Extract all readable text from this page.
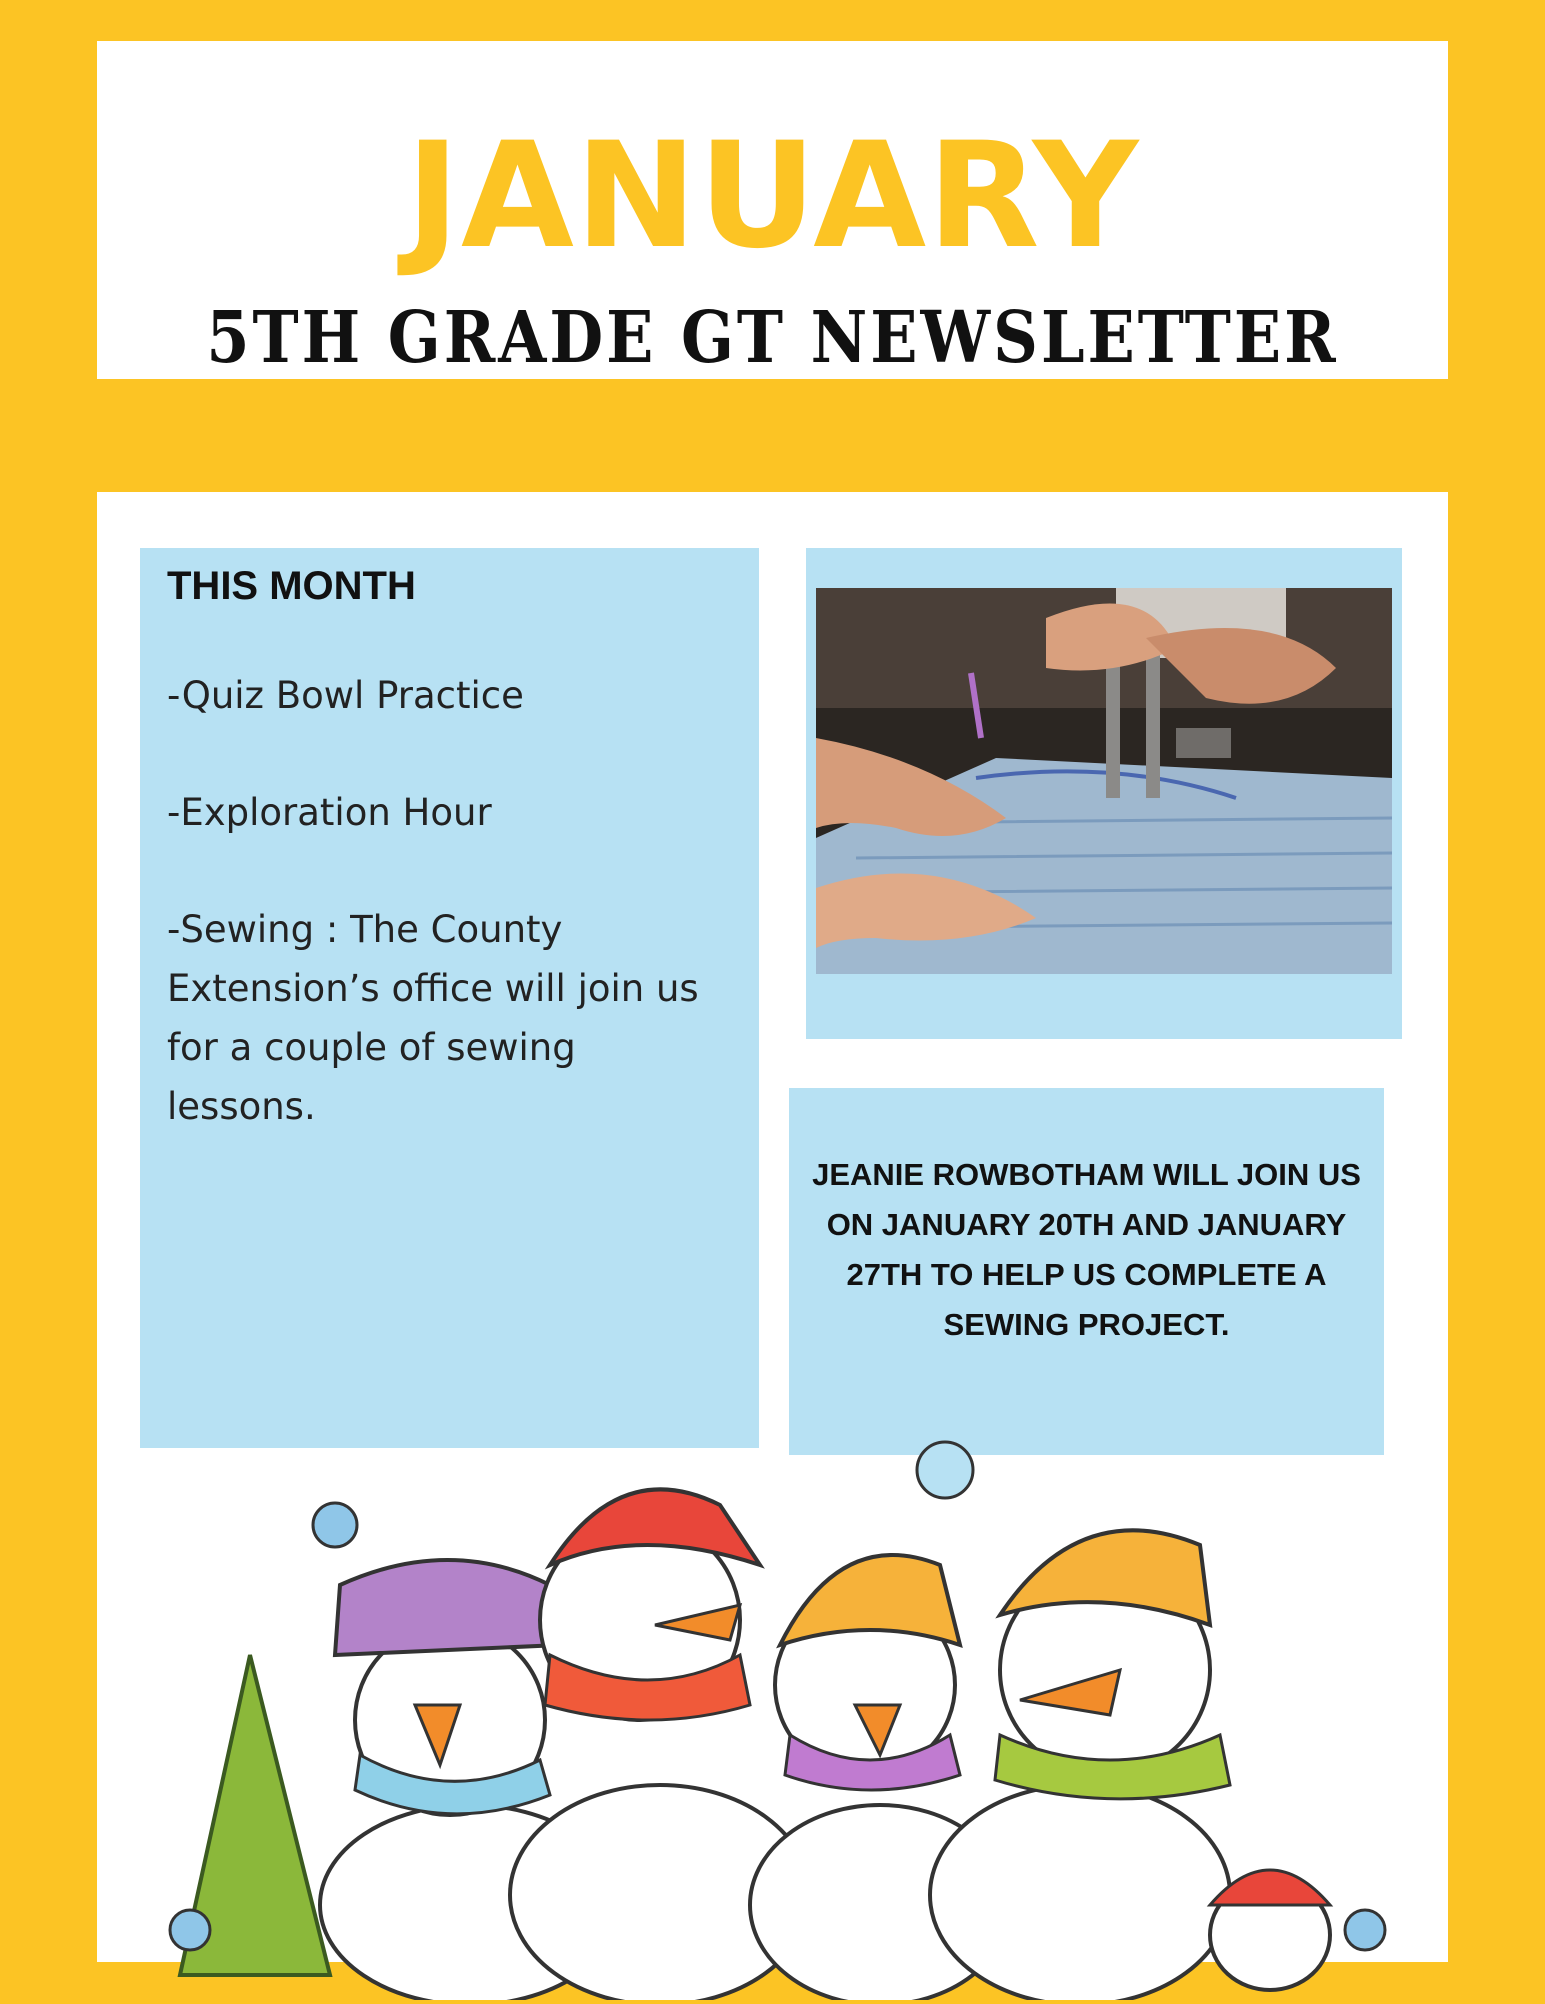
JANUARY
5TH GRADE GT NEWSLETTER
THIS MONTH
-Quiz Bowl Practice
-Exploration Hour
-Sewing : The County Extension’s office will join us for a couple of sewing lessons.
JEANIE ROWBOTHAM WILL JOIN US ON JANUARY 20TH AND JANUARY 27TH TO HELP US COMPLETE A SEWING PROJECT.
